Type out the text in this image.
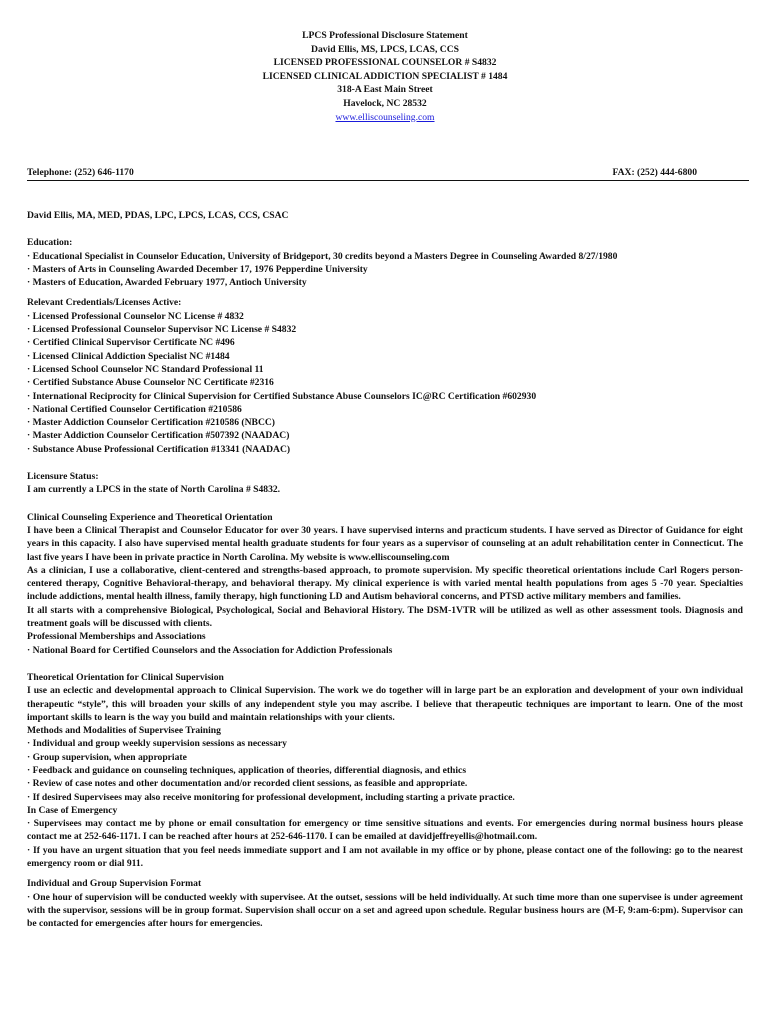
LPCS Professional Disclosure Statement
David Ellis, MS, LPCS, LCAS, CCS
LICENSED PROFESSIONAL COUNSELOR # S4832
LICENSED CLINICAL ADDICTION SPECIALIST # 1484
318-A East Main Street
Havelock, NC 28532
www.elliscounseling.com
Telephone: (252) 646-1170	FAX: (252) 444-6800

David Ellis, MA, MED, PDAS, LPC, LPCS, LCAS, CCS, CSAC

Education:

· Educational Specialist in Counselor Education, University of Bridgeport, 30 credits beyond a Masters Degree in Counseling Awarded 8/27/1980

· Masters of Arts in Counseling Awarded December 17, 1976 Pepperdine University

· Masters of Education, Awarded February 1977, Antioch University

Relevant Credentials/Licenses Active:

· Licensed Professional Counselor NC License # 4832

· Licensed Professional Counselor Supervisor NC License # S4832

· Certified Clinical Supervisor Certificate NC #496

· Licensed Clinical Addiction Specialist NC #1484

· Licensed School Counselor NC Standard Professional 11

· Certified Substance Abuse Counselor NC Certificate #2316

· International Reciprocity for Clinical Supervision for Certified Substance Abuse Counselors IC@RC Certification #602930

· National Certified Counselor Certification #210586

· Master Addiction Counselor Certification #210586 (NBCC)

· Master Addiction Counselor Certification #507392 (NAADAC)

· Substance Abuse Professional Certification #13341 (NAADAC)

Licensure Status:

I am currently a LPCS in the state of North Carolina # S4832.

Clinical Counseling Experience and Theoretical Orientation

I have been a Clinical Therapist and Counselor Educator for over 30 years. I have supervised interns and practicum students. I have served as Director of Guidance for eight years in this capacity. I also have supervised mental health graduate students for four years as a supervisor of counseling at an adult rehabilitation center in Connecticut. The last five years I have been in private practice in North Carolina. My website is www.elliscounseling.com

As a clinician, I use a collaborative, client-centered and strengths-based approach, to promote supervision. My specific theoretical orientations include Carl Rogers person-centered therapy, Cognitive Behavioral-therapy, and behavioral therapy. My clinical experience is with varied mental health populations from ages 5 -70 year. Specialties include addictions, mental health illness, family therapy, high functioning LD and Autism behavioral concerns, and PTSD active military members and families.

It all starts with a comprehensive Biological, Psychological, Social and Behavioral History. The DSM-1VTR will be utilized as well as other assessment tools. Diagnosis and treatment goals will be discussed with clients.

Professional Memberships and Associations

· National Board for Certified Counselors and the Association for Addiction Professionals

Theoretical Orientation for Clinical Supervision

I use an eclectic and developmental approach to Clinical Supervision. The work we do together will in large part be an exploration and development of your own individual therapeutic “style”, this will broaden your skills of any independent style you may ascribe. I believe that therapeutic techniques are important to learn. One of the most important skills to learn is the way you build and maintain relationships with your clients.

Methods and Modalities of Supervisee Training

· Individual and group weekly supervision sessions as necessary

· Group supervision, when appropriate

· Feedback and guidance on counseling techniques, application of theories, differential diagnosis, and ethics

· Review of case notes and other documentation and/or recorded client sessions, as feasible and appropriate.

· If desired Supervisees may also receive monitoring for professional development, including starting a private practice.

In Case of Emergency

· Supervisees may contact me by phone or email consultation for emergency or time sensitive situations and events. For emergencies during normal business hours please contact me at 252-646-1171. I can be reached after hours at 252-646-1170. I can be emailed at davidjeffreyellis@hotmail.com.

· If you have an urgent situation that you feel needs immediate support and I am not available in my office or by phone, please contact one of the following: go to the nearest emergency room or dial 911.

Individual and Group Supervision Format

· One hour of supervision will be conducted weekly with supervisee. At the outset, sessions will be held individually. At such time more than one supervisee is under agreement with the supervisor, sessions will be in group format. Supervision shall occur on a set and agreed upon schedule. Regular business hours are (M-F, 9:am-6:pm). Supervisor can be contacted for emergencies after hours for emergencies.
